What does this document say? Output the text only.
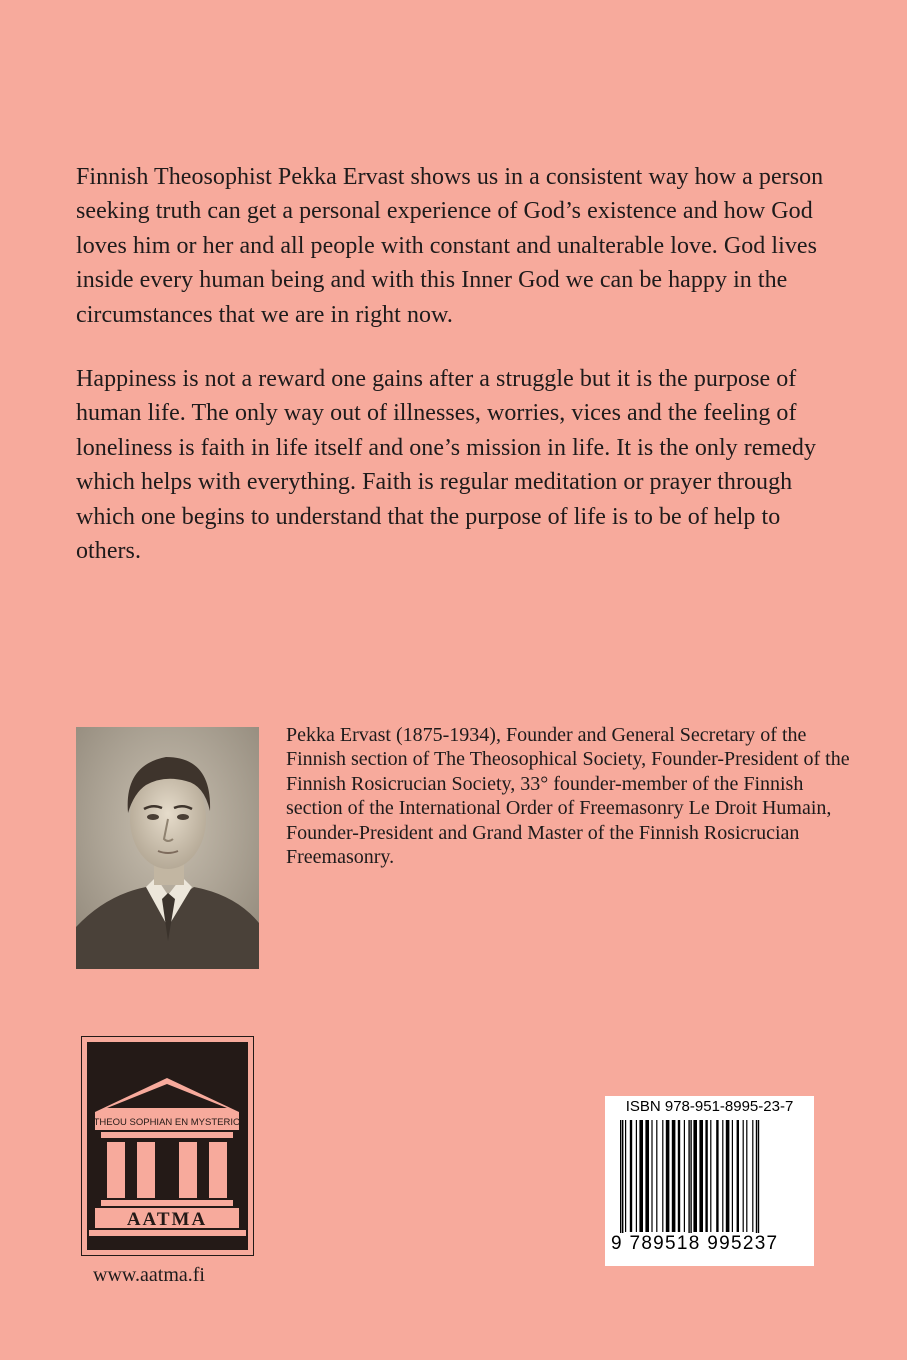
Finnish Theosophist Pekka Ervast shows us in a consistent way how a person seeking truth can get a personal experience of God’s existence and how God loves him or her and all people with constant and unalterable love. God lives inside every human being and with this Inner God we can be happy in the circumstances that we are in right now.

Happiness is not a reward one gains after a struggle but it is the purpose of human life. The only way out of illnesses, worries, vices and the feeling of loneliness is faith in life itself and one’s mission in life. It is the only remedy which helps with everything. Faith is regular meditation or prayer through which one begins to understand that the purpose of life is to be of help to others.

Pekka Ervast (1875-1934), Founder and General Secretary of the Finnish section of The Theosophical Society, Founder-President of the Finnish Rosicrucian Society, 33° founder-member of the Finnish section of the International Order of Freemasonry Le Droit Humain, Founder-President and Grand Master of the Finnish Rosicrucian Freemasonry.

THEOU SOPHIAN EN MYSTERIO
AATMA

www.aatma.fi

ISBN 978-951-8995-23-7

9 789518 995237
